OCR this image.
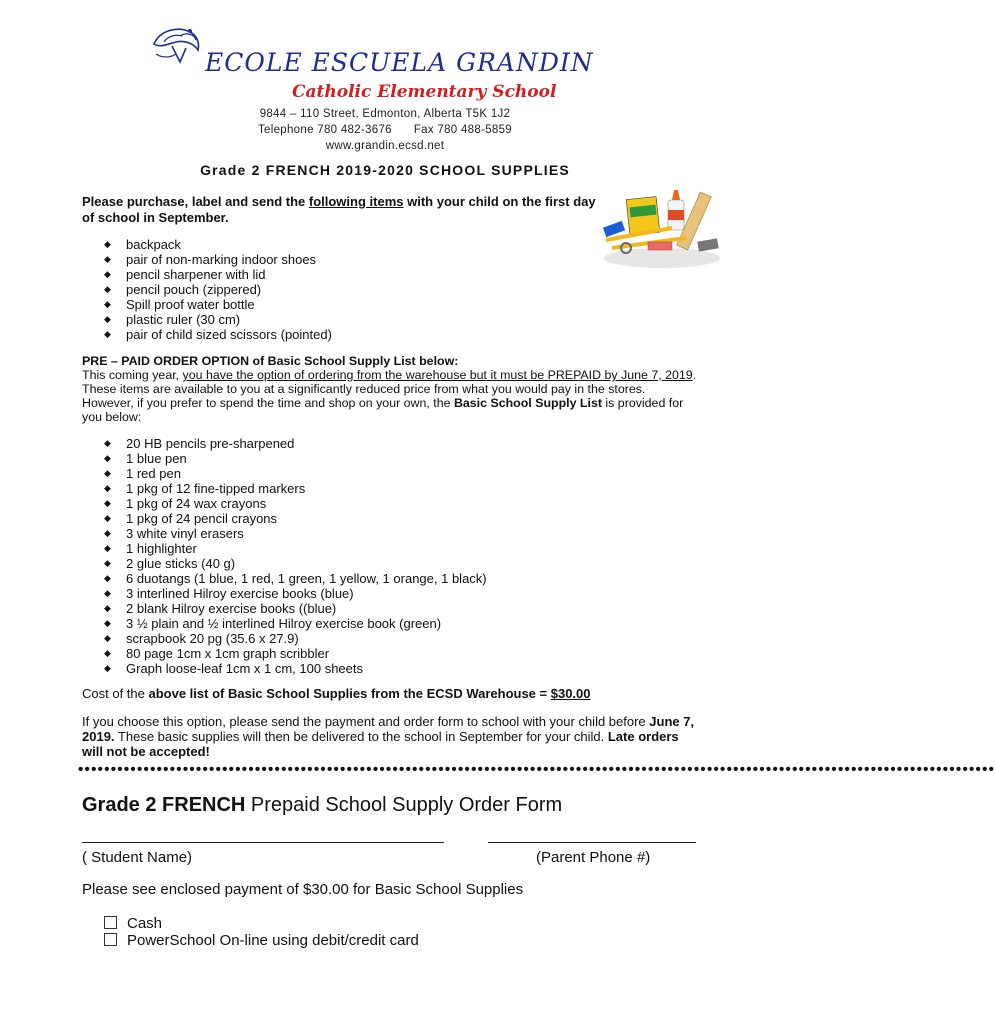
ECOLE ESCUELA GRANDIN
Catholic Elementary School
9844 – 110 Street, Edmonton, Alberta T5K 1J2
Telephone 780 482-3676 Fax 780 488-5859
www.grandin.ecsd.net
Grade 2 FRENCH 2019-2020 SCHOOL SUPPLIES
Please purchase, label and send the following items with your child on the first day of school in September.
◆ backpack
◆ pair of non-marking indoor shoes
◆ pencil sharpener with lid
◆ pencil pouch (zippered)
◆ Spill proof water bottle
◆ plastic ruler (30 cm)
◆ pair of child sized scissors (pointed)
PRE – PAID ORDER OPTION of Basic School Supply List below:
This coming year, you have the option of ordering from the warehouse but it must be PREPAID by June 7, 2019. These items are available to you at a significantly reduced price from what you would pay in the stores. However, if you prefer to spend the time and shop on your own, the Basic School Supply List is provided for you below:
◆ 20 HB pencils pre-sharpened
◆ 1 blue pen
◆ 1 red pen
◆ 1 pkg of 12 fine-tipped markers
◆ 1 pkg of 24 wax crayons
◆ 1 pkg of 24 pencil crayons
◆ 3 white vinyl erasers
◆ 1 highlighter
◆ 2 glue sticks (40 g)
◆ 6 duotangs (1 blue, 1 red, 1 green, 1 yellow, 1 orange, 1 black)
◆ 3 interlined Hilroy exercise books (blue)
◆ 2 blank Hilroy exercise books ((blue)
◆ 3 ½ plain and ½ interlined Hilroy exercise book (green)
◆ scrapbook 20 pg (35.6 x 27.9)
◆ 80 page 1cm x 1cm graph scribbler
◆ Graph loose-leaf 1cm x 1 cm, 100 sheets
Cost of the above list of Basic School Supplies from the ECSD Warehouse = $30.00
If you choose this option, please send the payment and order form to school with your child before June 7, 2019. These basic supplies will then be delivered to the school in September for your child. Late orders will not be accepted!
••••••••••••••••••••••••••••••••••••••••••••••••••••••••••••••••••••••••••••••••••••••••••••••••••••••••••••••••••••••••••••••••••••••••••••
Grade 2 FRENCH Prepaid School Supply Order Form
( Student Name)	(Parent Phone #)
Please see enclosed payment of $30.00 for Basic School Supplies
Cash
PowerSchool On-line using debit/credit card
